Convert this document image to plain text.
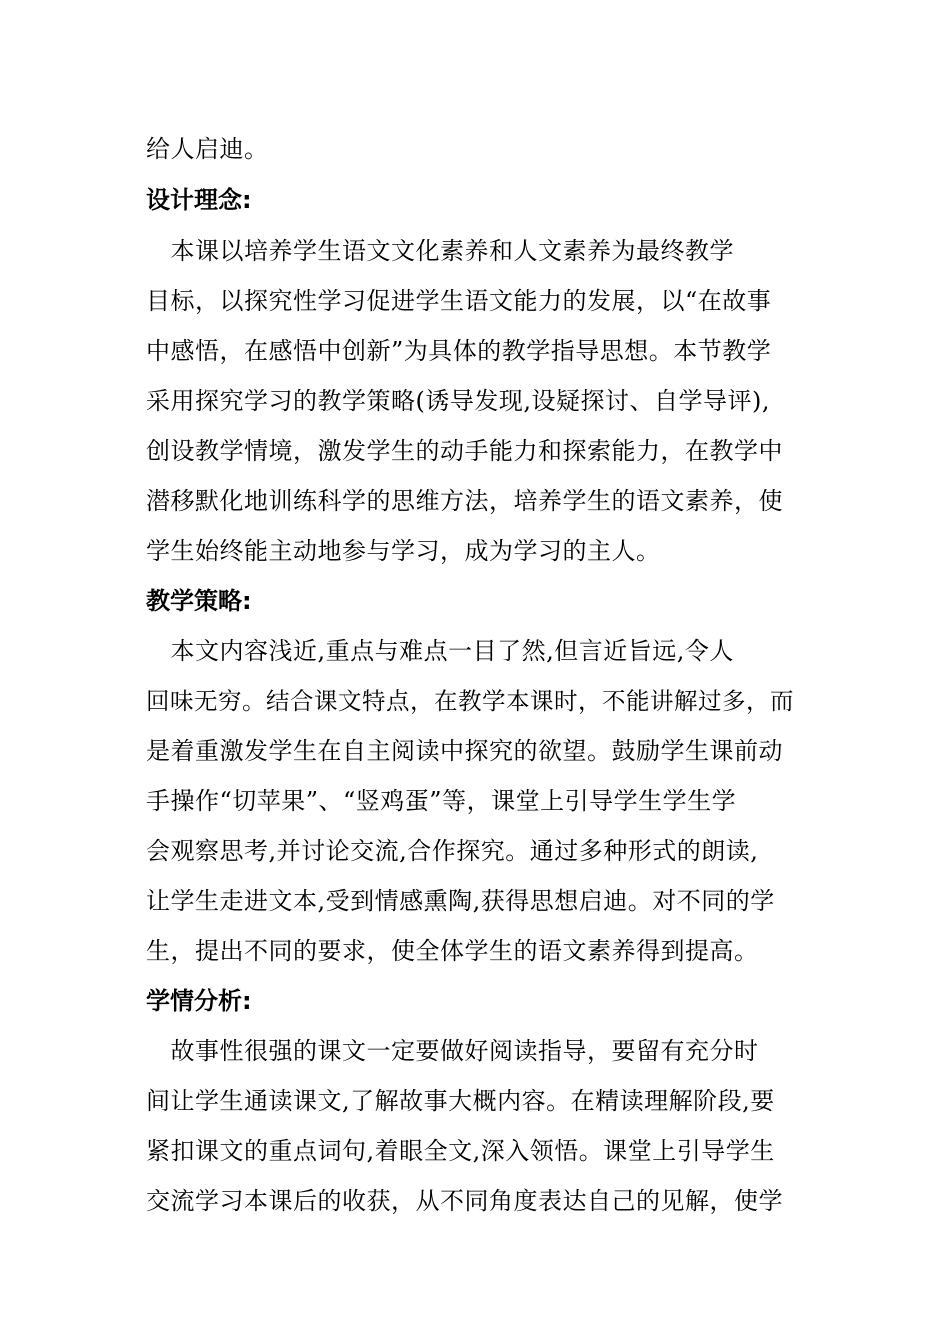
给人启迪。
设计理念:
　本课以培养学生语文文化素养和人文素养为最终教学
目标，以探究性学习促进学生语文能力的发展，以“在故事
中感悟，在感悟中创新”为具体的教学指导思想。本节教学
采用探究学习的教学策略(诱导发现,设疑探讨、自学导评),
创设教学情境，激发学生的动手能力和探索能力，在教学中
潜移默化地训练科学的思维方法，培养学生的语文素养，使
学生始终能主动地参与学习，成为学习的主人。
教学策略:
　本文内容浅近,重点与难点一目了然,但言近旨远,令人
回味无穷。结合课文特点，在教学本课时，不能讲解过多，而
是着重激发学生在自主阅读中探究的欲望。鼓励学生课前动
手操作“切苹果”、“竖鸡蛋”等，课堂上引导学生学生学
会观察思考,并讨论交流,合作探究。通过多种形式的朗读,
让学生走进文本,受到情感熏陶,获得思想启迪。对不同的学
生，提出不同的要求，使全体学生的语文素养得到提高。
学情分析:
　故事性很强的课文一定要做好阅读指导，要留有充分时
间让学生通读课文,了解故事大概内容。在精读理解阶段,要
紧扣课文的重点词句,着眼全文,深入领悟。课堂上引导学生
交流学习本课后的收获，从不同角度表达自己的见解，使学
